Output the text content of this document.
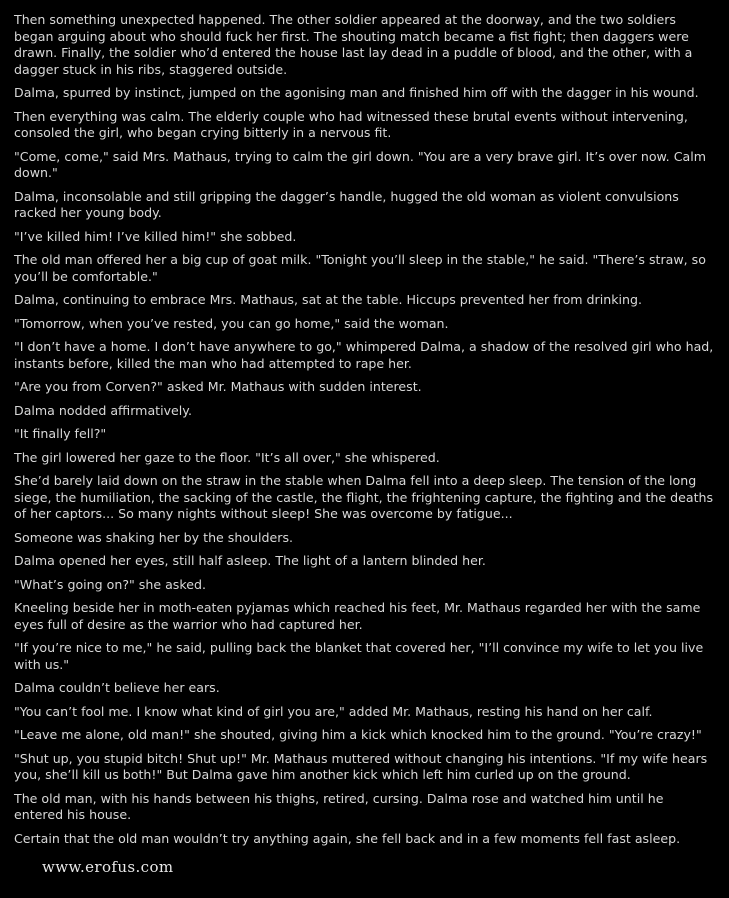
Then something unexpected happened. The other soldier appeared at the doorway, and the two soldiers began arguing about who should fuck her first. The shouting match became a fist fight; then daggers were drawn. Finally, the soldier who’d entered the house last lay dead in a puddle of blood, and the other, with a dagger stuck in his ribs, staggered outside.

Dalma, spurred by instinct, jumped on the agonising man and finished him off with the dagger in his wound.

Then everything was calm. The elderly couple who had witnessed these brutal events without intervening, consoled the girl, who began crying bitterly in a nervous fit.

"Come, come," said Mrs. Mathaus, trying to calm the girl down. "You are a very brave girl. It’s over now. Calm down."

Dalma, inconsolable and still gripping the dagger’s handle, hugged the old woman as violent convulsions racked her young body.

"I’ve killed him! I’ve killed him!" she sobbed.

The old man offered her a big cup of goat milk. "Tonight you’ll sleep in the stable," he said. "There’s straw, so you’ll be comfortable."

Dalma, continuing to embrace Mrs. Mathaus, sat at the table. Hiccups prevented her from drinking.

"Tomorrow, when you’ve rested, you can go home," said the woman.

"I don’t have a home. I don’t have anywhere to go," whimpered Dalma, a shadow of the resolved girl who had, instants before, killed the man who had attempted to rape her.

"Are you from Corven?" asked Mr. Mathaus with sudden interest.

Dalma nodded affirmatively.

"It finally fell?"

The girl lowered her gaze to the floor. "It’s all over," she whispered.

She’d barely laid down on the straw in the stable when Dalma fell into a deep sleep. The tension of the long siege, the humiliation, the sacking of the castle, the flight, the frightening capture, the fighting and the deaths of her captors... So many nights without sleep! She was overcome by fatigue...

Someone was shaking her by the shoulders.

Dalma opened her eyes, still half asleep. The light of a lantern blinded her.

"What’s going on?" she asked.

Kneeling beside her in moth-eaten pyjamas which reached his feet, Mr. Mathaus regarded her with the same eyes full of desire as the warrior who had captured her.

"If you’re nice to me," he said, pulling back the blanket that covered her, "I’ll convince my wife to let you live with us."

Dalma couldn’t believe her ears.

"You can’t fool me. I know what kind of girl you are," added Mr. Mathaus, resting his hand on her calf.

"Leave me alone, old man!" she shouted, giving him a kick which knocked him to the ground. "You’re crazy!"

"Shut up, you stupid bitch! Shut up!" Mr. Mathaus muttered without changing his intentions. "If my wife hears you, she’ll kill us both!" But Dalma gave him another kick which left him curled up on the ground.

The old man, with his hands between his thighs, retired, cursing. Dalma rose and watched him until he entered his house.

Certain that the old man wouldn’t try anything again, she fell back and in a few moments fell fast asleep.

www.erofus.com
